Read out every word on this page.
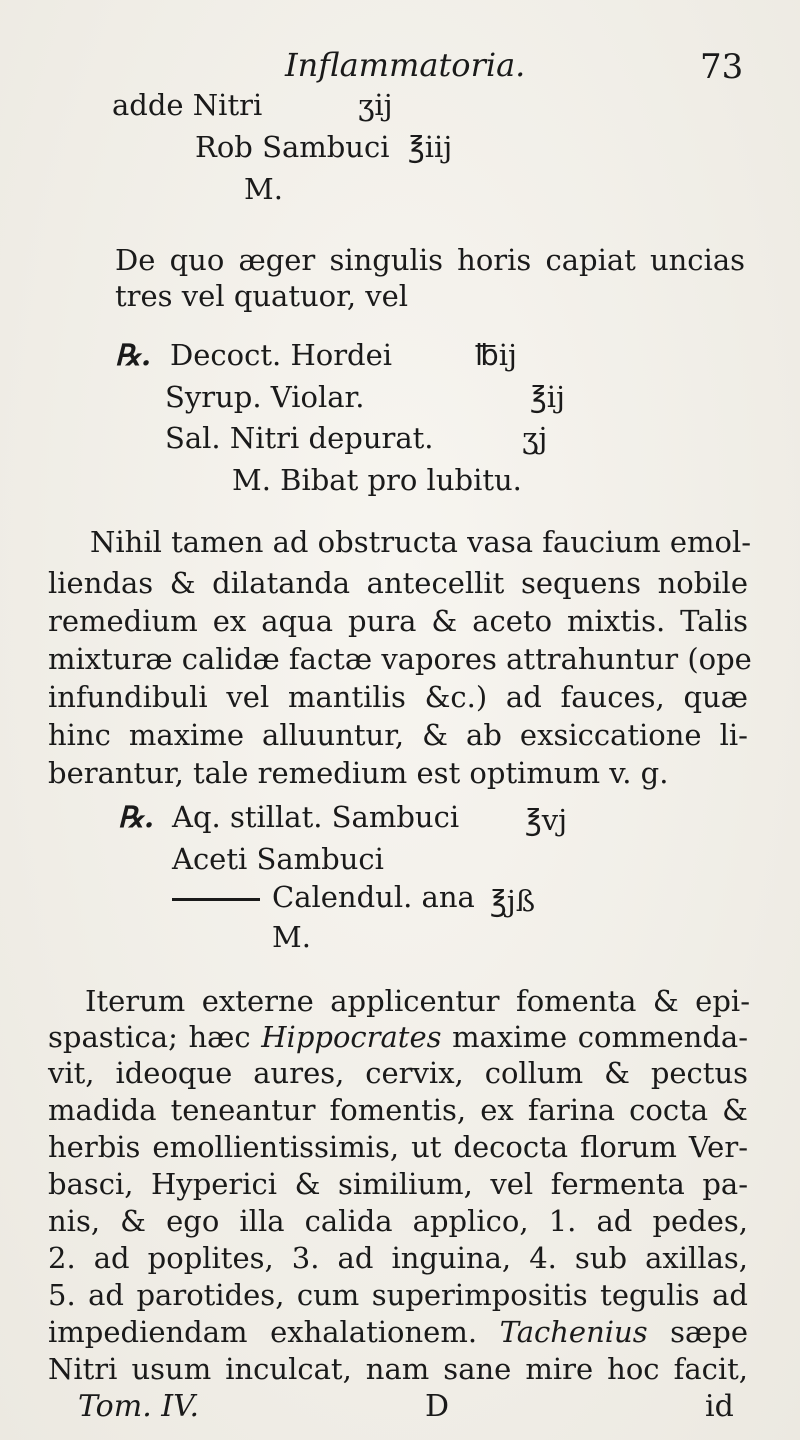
Inflammatoria.	73
adde Nitri	ʒij
Rob Sambuci ℥iij
M.
De quo æger singulis horis capiat uncias
tres vel quatuor, vel
℞. Decoct. Hordei	℔ij
Syrup. Violar.	℥ij
Sal. Nitri depurat.	ʒj
M. Bibat pro lubitu.
Nihil tamen ad obstructa vasa faucium emol-
liendas & dilatanda antecellit sequens nobile
remedium ex aqua pura & aceto mixtis. Talis
mixturæ calidæ factæ vapores attrahuntur (ope
infundibuli vel mantilis &c.) ad fauces, quæ
hinc maxime alluuntur, & ab exsiccatione li-
berantur, tale remedium est optimum v. g.
℞. Aq. stillat. Sambuci ℥vj
Aceti Sambuci
Calendul. ana ℥jß
M.
Iterum externe applicentur fomenta & epi-
spastica; hæc Hippocrates maxime commenda-
vit, ideoque aures, cervix, collum & pectus
madida teneantur fomentis, ex farina cocta &
herbis emollientissimis, ut decocta florum Ver-
basci, Hyperici & similium, vel fermenta pa-
nis, & ego illa calida applico, 1. ad pedes,
2. ad poplites, 3. ad inguina, 4. sub axillas,
5. ad parotides, cum superimpositis tegulis ad
impediendam exhalationem. Tachenius sæpe
Nitri usum inculcat, nam sane mire hoc facit,
Tom. IV.	D	id
